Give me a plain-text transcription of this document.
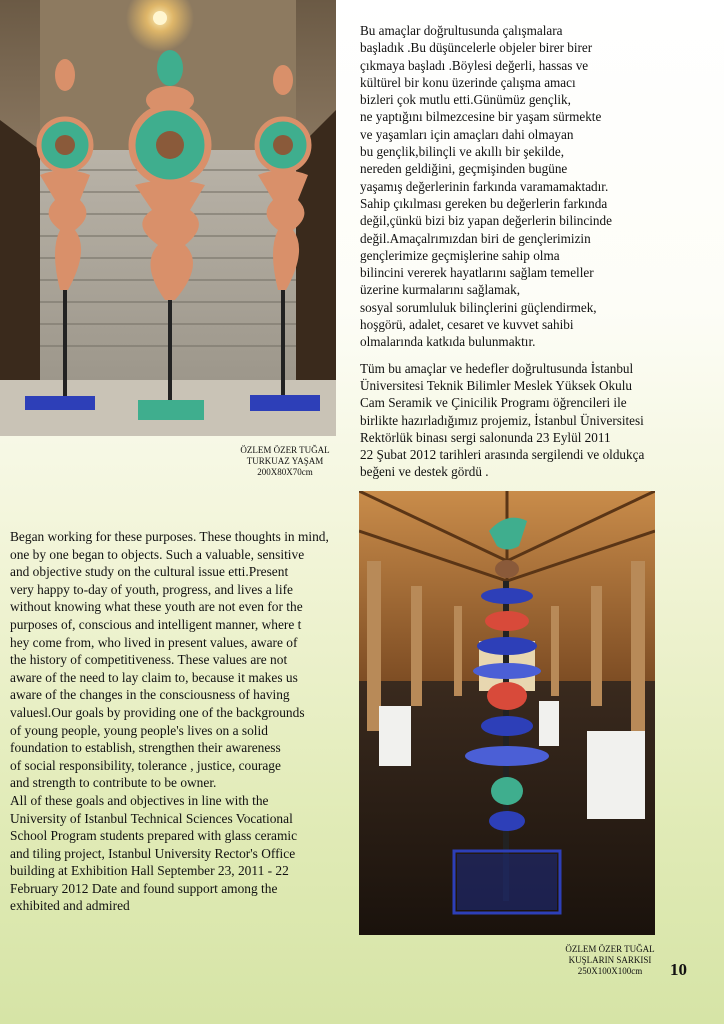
Bu amaçlar doğrultusunda çalışmalara
başladık .Bu düşüncelerle objeler birer birer
çıkmaya başladı .Böylesi değerli, hassas ve
kültürel bir konu üzerinde çalışma amacı
bizleri çok mutlu etti.Günümüz gençlik,
ne yaptığını bilmezcesine bir yaşam sürmekte
ve yaşamları için amaçları dahi olmayan
bu gençlik,bilinçli ve akıllı bir şekilde,
nereden geldiğini, geçmişinden bugüne
yaşamış değerlerinin farkında varamamaktadır.
Sahip çıkılması gereken bu değerlerin farkında
değil,çünkü bizi biz yapan değerlerin bilincinde
değil.Amaçalrımızdan biri de gençlerimizin
gençlerimize geçmişlerine sahip olma
bilincini vererek hayatlarını sağlam temeller
üzerine kurmalarını sağlamak,
sosyal sorumluluk bilinçlerini güçlendirmek,
hoşgörü, adalet, cesaret ve kuvvet sahibi
olmalarında katkıda bulunmaktır.

Tüm bu amaçlar ve hedefler doğrultusunda İstanbul
Üniversitesi Teknik Bilimler Meslek Yüksek Okulu
Cam Seramik ve Çinicilik Programı öğrencileri ile
birlikte hazırladığımız projemiz, İstanbul Üniversitesi
Rektörlük binası sergi salonunda 23 Eylül 2011
22 Şubat 2012 tarihleri arasında sergilendi ve oldukça
beğeni ve destek gördü .

ÖZLEM ÖZER TUĞAL
TURKUAZ YAŞAM
200X80X70cm

Began working for these purposes. These thoughts in mind,
one by one began to objects. Such a valuable, sensitive
and objective study on the cultural issue etti.Present
very happy to-day of youth, progress, and lives a life
without knowing what these youth are not even for the
purposes of, conscious and intelligent manner, where t
hey come from, who lived in present values, aware of
the history of competitiveness. These values are not
aware of the need to lay claim to, because it makes us
aware of the changes in the consciousness of having
valuesl.Our goals by providing one of the backgrounds
of young people, young people's lives on a solid
foundation to establish, strengthen their awareness
of social responsibility, tolerance , justice, courage
and strength to contribute to be owner.
All of these goals and objectives in line with the
University of Istanbul Technical Sciences Vocational
School Program students prepared with glass ceramic
and tiling project, Istanbul University Rector's Office
building at Exhibition Hall September 23, 2011 - 22
February 2012 Date and found support among the
exhibited and admired

ÖZLEM ÖZER TUĞAL
KUŞLARIN SARKISI
250X100X100cm	10
